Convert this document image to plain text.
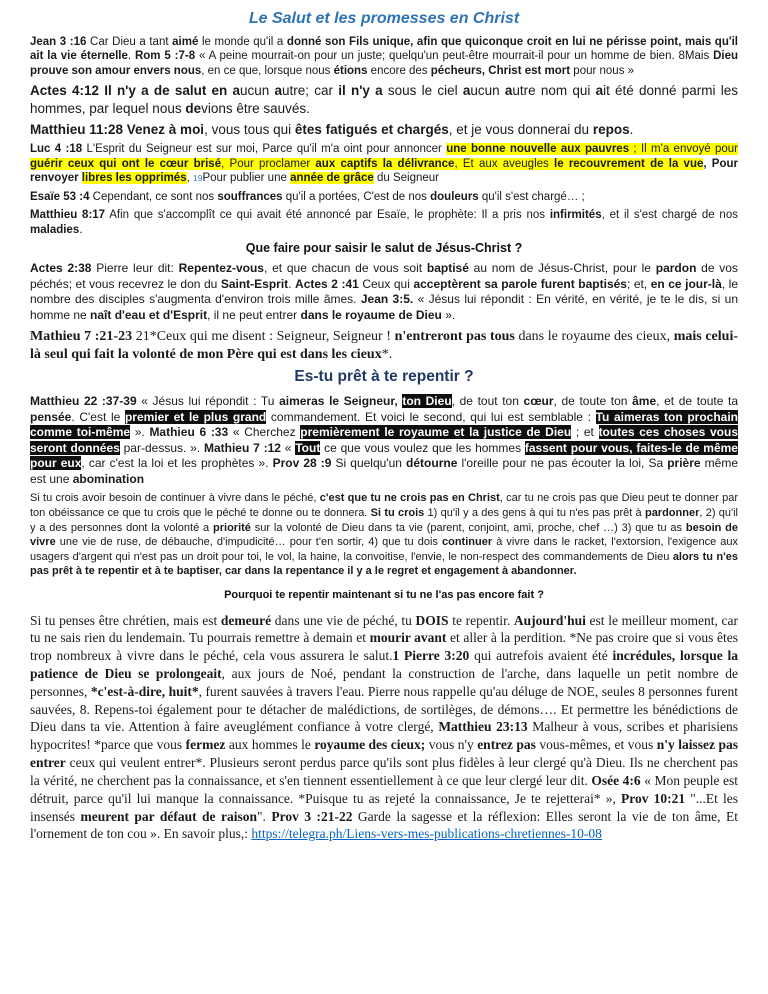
Le Salut et les promesses en Christ

Jean 3 :16 Car Dieu a tant aimé le monde qu'il a donné son Fils unique, afin que quiconque croit en lui ne périsse point, mais qu'il ait la vie éternelle. Rom 5 :7-8 « A peine mourrait-on pour un juste; quelqu'un peut-être mourrait-il pour un homme de bien. 8Mais Dieu prouve son amour envers nous, en ce que, lorsque nous étions encore des pécheurs, Christ est mort pour nous »

Actes 4:12 Il n'y a de salut en aucun autre; car il n'y a sous le ciel aucun autre nom qui ait été donné parmi les hommes, par lequel nous devions être sauvés.

Matthieu 11:28 Venez à moi, vous tous qui êtes fatigués et chargés, et je vous donnerai du repos.

Luc 4 :18 L'Esprit du Seigneur est sur moi, Parce qu'il m'a oint pour annoncer une bonne nouvelle aux pauvres ; Il m'a envoyé pour guérir ceux qui ont le cœur brisé, Pour proclamer aux captifs la délivrance, Et aux aveugles le recouvrement de la vue, Pour renvoyer libres les opprimés, 19Pour publier une année de grâce du Seigneur

Esaïe 53 :4 Cependant, ce sont nos souffrances qu'il a portées, C'est de nos douleurs qu'il s'est chargé… ;

Matthieu 8:17 Afin que s'accomplît ce qui avait été annoncé par Esaïe, le prophète: Il a pris nos infirmités, et il s'est chargé de nos maladies.

Que faire pour saisir le salut de Jésus-Christ ?

Actes 2:38 Pierre leur dit: Repentez-vous, et que chacun de vous soit baptisé au nom de Jésus-Christ, pour le pardon de vos péchés; et vous recevrez le don du Saint-Esprit. Actes 2 :41 Ceux qui acceptèrent sa parole furent baptisés; et, en ce jour-là, le nombre des disciples s'augmenta d'environ trois mille âmes. Jean 3:5. « Jésus lui répondit : En vérité, en vérité, je te le dis, si un homme ne naît d'eau et d'Esprit, il ne peut entrer dans le royaume de Dieu ».

Mathieu 7 :21-23 21*Ceux qui me disent : Seigneur, Seigneur ! n'entreront pas tous dans le royaume des cieux, mais celui-là seul qui fait la volonté de mon Père qui est dans les cieux*.

Es-tu prêt à te repentir ?

Matthieu 22 :37-39 « Jésus lui répondit : Tu aimeras le Seigneur, ton Dieu, de tout ton cœur, de toute ton âme, et de toute ta pensée. C'est le premier et le plus grand commandement. Et voici le second, qui lui est semblable : Tu aimeras ton prochain comme toi-même ». Mathieu 6 :33 « Cherchez premièrement le royaume et la justice de Dieu ; et toutes ces choses vous seront données par-dessus. ». Mathieu 7 :12 « Tout ce que vous voulez que les hommes fassent pour vous, faites-le de même pour eux, car c'est la loi et les prophètes ». Prov 28 :9 Si quelqu'un détourne l'oreille pour ne pas écouter la loi, Sa prière même est une abomination

Si tu crois avoir besoin de continuer à vivre dans le péché, c'est que tu ne crois pas en Christ, car tu ne crois pas que Dieu peut te donner par ton obéissance ce que tu crois que le péché te donne ou te donnera. Si tu crois 1) qu'il y a des gens à qui tu n'es pas prêt à pardonner, 2) qu'il y a des personnes dont la volonté a priorité sur la volonté de Dieu dans ta vie (parent, conjoint, ami, proche, chef …) 3) que tu as besoin de vivre une vie de ruse, de débauche, d'impudicité… pour t'en sortir, 4) que tu dois continuer à vivre dans le racket, l'extorsion, l'exigence aux usagers d'argent qui n'est pas un droit pour toi, le vol, la haine, la convoitise, l'envie, le non-respect des commandements de Dieu alors tu n'es pas prêt à te repentir et à te baptiser, car dans la repentance il y a le regret et engagement à abandonner.

Pourquoi te repentir maintenant si tu ne l'as pas encore fait ?

Si tu penses être chrétien, mais est demeuré dans une vie de péché, tu DOIS te repentir. Aujourd'hui est le meilleur moment, car tu ne sais rien du lendemain. Tu pourrais remettre à demain et mourir avant et aller à la perdition. *Ne pas croire que si vous êtes trop nombreux à vivre dans le péché, cela vous assurera le salut.1 Pierre 3:20 qui autrefois avaient été incrédules, lorsque la patience de Dieu se prolongeait, aux jours de Noé, pendant la construction de l'arche, dans laquelle un petit nombre de personnes, *c'est-à-dire, huit*, furent sauvées à travers l'eau. Pierre nous rappelle qu'au déluge de NOE, seules 8 personnes furent sauvées, 8. Repens-toi également pour te détacher de malédictions, de sortilèges, de démons…. Et permettre les bénédictions de Dieu dans ta vie. Attention à faire aveuglément confiance à votre clergé, Matthieu 23:13 Malheur à vous, scribes et pharisiens hypocrites! *parce que vous fermez aux hommes le royaume des cieux; vous n'y entrez pas vous-mêmes, et vous n'y laissez pas entrer ceux qui veulent entrer*. Plusieurs seront perdus parce qu'ils sont plus fidèles à leur clergé qu'à Dieu. Ils ne cherchent pas la vérité, ne cherchent pas la connaissance, et s'en tiennent essentiellement à ce que leur clergé leur dit. Osée 4:6 « Mon peuple est détruit, parce qu'il lui manque la connaissance. *Puisque tu as rejeté la connaissance, Je te rejetterai* », Prov 10:21 "...Et les insensés meurent par défaut de raison". Prov 3 :21-22 Garde la sagesse et la réflexion: Elles seront la vie de ton âme, Et l'ornement de ton cou ». En savoir plus,: https://telegra.ph/Liens-vers-mes-publications-chretiennes-10-08
